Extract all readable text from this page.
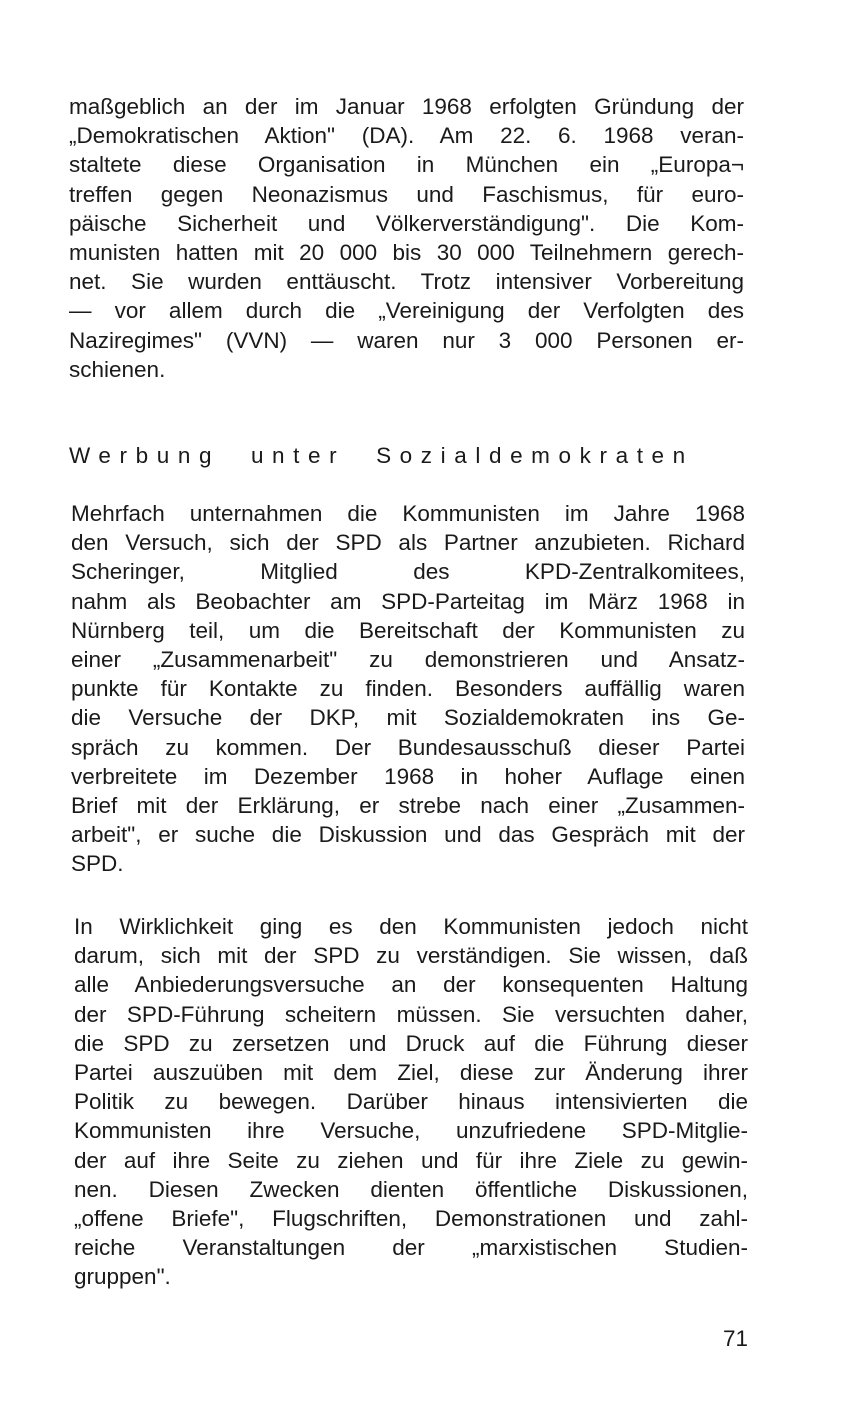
maßgeblich an der im Januar 1968 erfolgten Gründung der
„Demokratischen Aktion" (DA). Am 22. 6. 1968 veran-
staltete diese Organisation in München ein „Europa¬
treffen gegen Neonazismus und Faschismus, für euro-
päische Sicherheit und Völkerverständigung". Die Kom-
munisten hatten mit 20 000 bis 30 000 Teilnehmern gerech-
net. Sie wurden enttäuscht. Trotz intensiver Vorbereitung
— vor allem durch die „Vereinigung der Verfolgten des
Naziregimes" (VVN) — waren nur 3 000 Personen er-
schienen.
Werbung unter Sozialdemokraten
Mehrfach unternahmen die Kommunisten im Jahre 1968
den Versuch, sich der SPD als Partner anzubieten. Richard
Scheringer, Mitglied des KPD-Zentralkomitees,
nahm als Beobachter am SPD-Parteitag im März 1968 in
Nürnberg teil, um die Bereitschaft der Kommunisten zu
einer „Zusammenarbeit" zu demonstrieren und Ansatz-
punkte für Kontakte zu finden. Besonders auffällig waren
die Versuche der DKP, mit Sozialdemokraten ins Ge-
spräch zu kommen. Der Bundesausschuß dieser Partei
verbreitete im Dezember 1968 in hoher Auflage einen
Brief mit der Erklärung, er strebe nach einer „Zusammen-
arbeit", er suche die Diskussion und das Gespräch mit der
SPD.
In Wirklichkeit ging es den Kommunisten jedoch nicht
darum, sich mit der SPD zu verständigen. Sie wissen, daß
alle Anbiederungsversuche an der konsequenten Haltung
der SPD-Führung scheitern müssen. Sie versuchten daher,
die SPD zu zersetzen und Druck auf die Führung dieser
Partei auszuüben mit dem Ziel, diese zur Änderung ihrer
Politik zu bewegen. Darüber hinaus intensivierten die
Kommunisten ihre Versuche, unzufriedene SPD-Mitglie-
der auf ihre Seite zu ziehen und für ihre Ziele zu gewin-
nen. Diesen Zwecken dienten öffentliche Diskussionen,
„offene Briefe", Flugschriften, Demonstrationen und zahl-
reiche Veranstaltungen der „marxistischen Studien-
gruppen".
71
